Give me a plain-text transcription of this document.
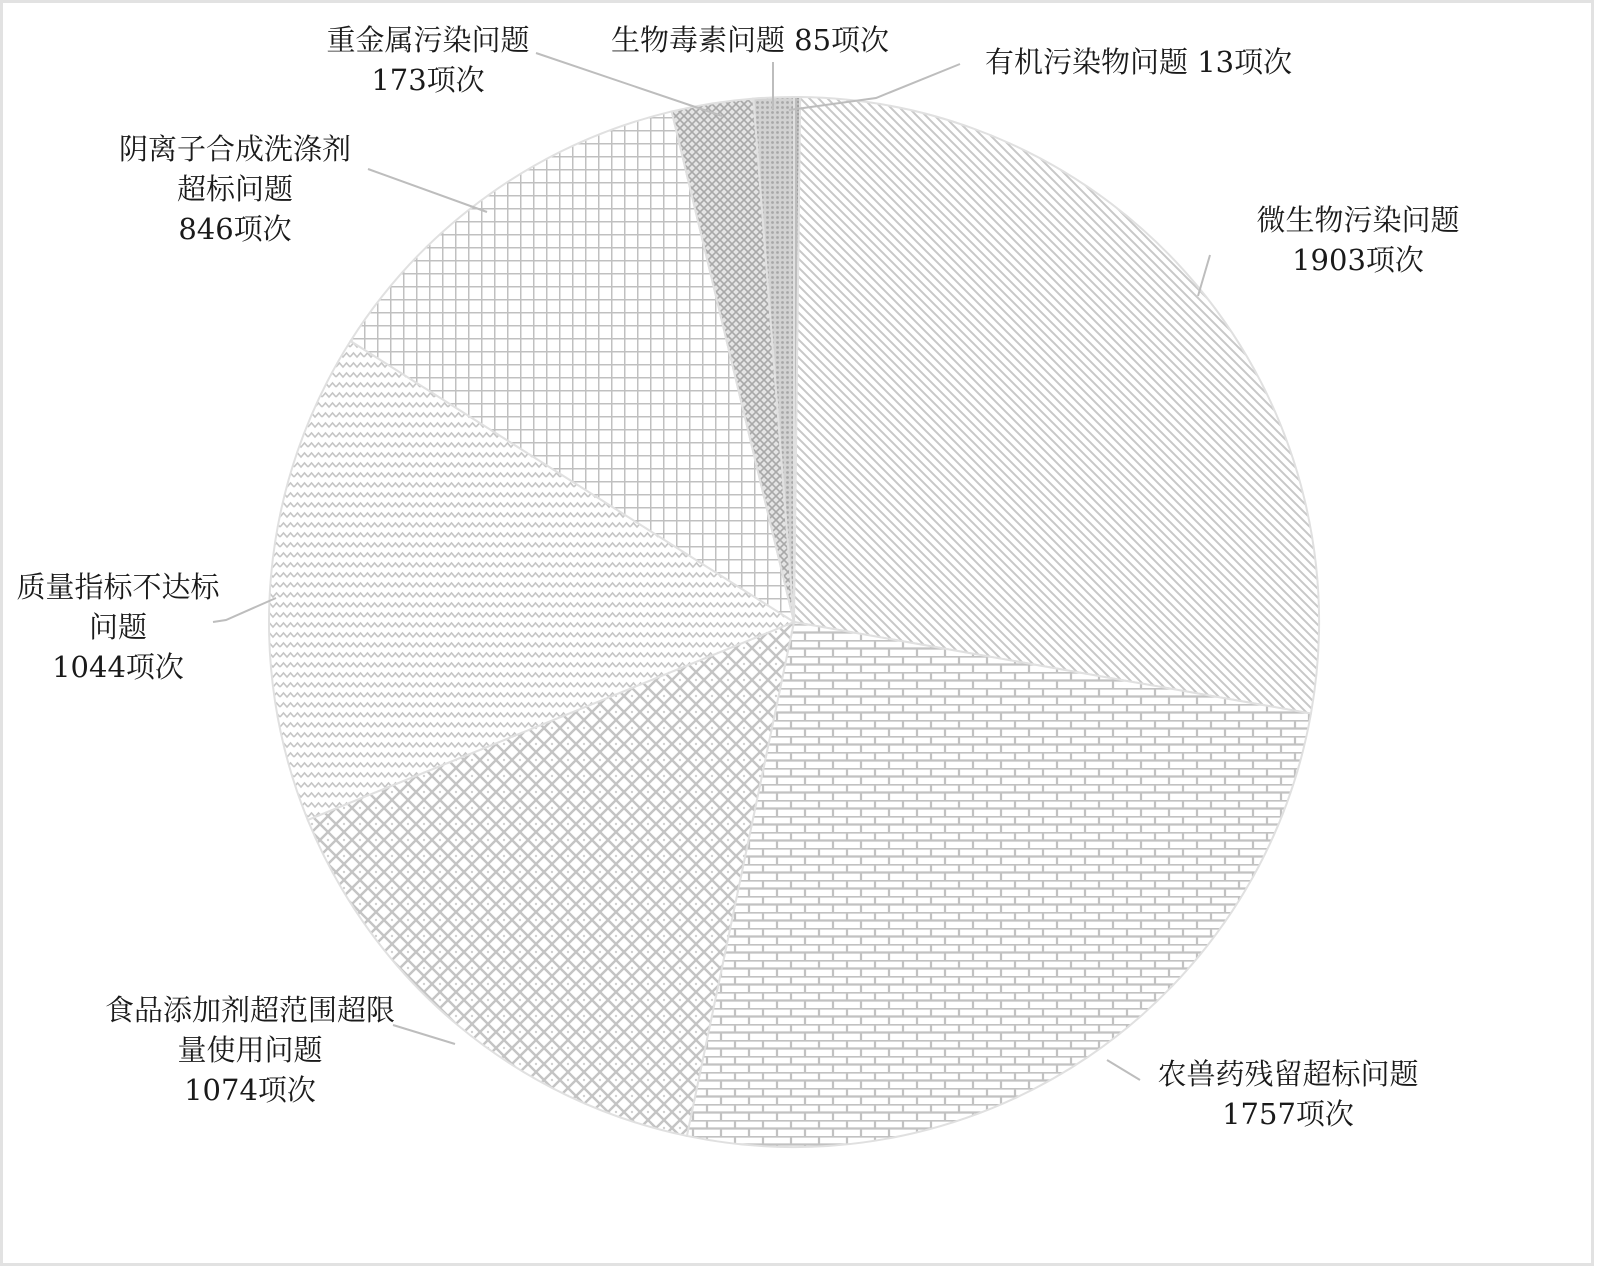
有机污染物问题 13项次
微生物污染问题 1903项次
农兽药残留超标问题 1757项次
食品添加剂超范围超限量使用问题 1074项次
质量指标不达标问题 1044项次
阴离子合成洗涤剂超标问题 846项次
重金属污染问题 173项次
生物毒素问题 85项次
